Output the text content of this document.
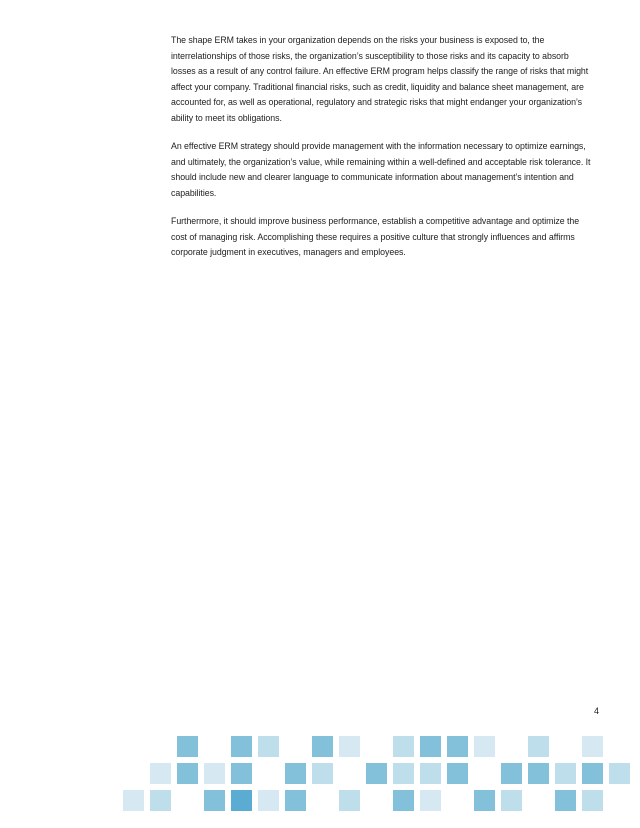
The shape ERM takes in your organization depends on the risks your business is exposed to, the interrelationships of those risks, the organization’s susceptibility to those risks and its capacity to absorb losses as a result of any control failure. An effective ERM program helps classify the range of risks that might affect your company. Traditional financial risks, such as credit, liquidity and balance sheet management, are accounted for, as well as operational, regulatory and strategic risks that might endanger your organization’s ability to meet its obligations.

An effective ERM strategy should provide management with the information necessary to optimize earnings, and ultimately, the organization’s value, while remaining within a well-defined and acceptable risk tolerance. It should include new and clearer language to communicate information about management’s intention and capabilities.

Furthermore, it should improve business performance, establish a competitive advantage and optimize the cost of managing risk. Accomplishing these requires a positive culture that strongly influences and affirms corporate judgment in executives, managers and employees.

4
